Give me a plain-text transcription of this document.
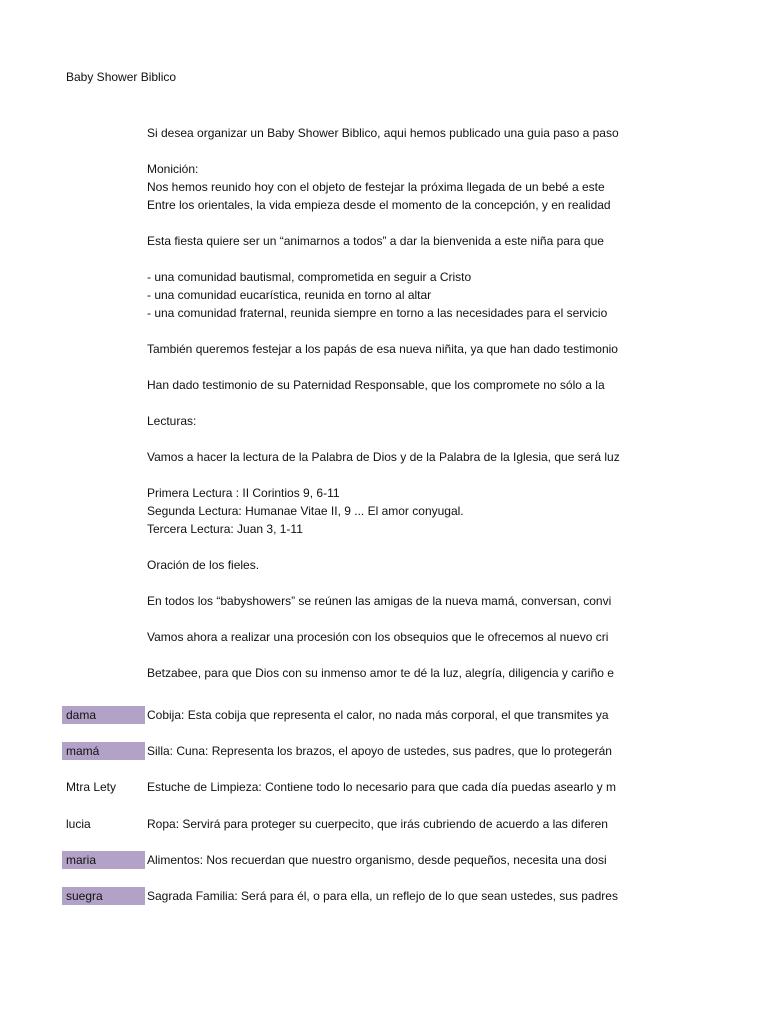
Baby Shower Biblico
Si desea organizar un Baby Shower Biblico, aqui hemos publicado una guia paso a paso
Monición:
Nos hemos reunido hoy con el objeto de festejar la próxima llegada de un bebé a este
Entre los orientales, la vida empieza desde el momento de la concepción, y en realidad
Esta fiesta quiere ser un “animarnos a todos” a dar la bienvenida a este niña para que
- una comunidad bautismal, comprometida en seguir a Cristo
- una comunidad eucarística, reunida en torno al altar
- una comunidad fraternal, reunida siempre en torno a las necesidades para el servicio
También queremos festejar a los papás de esa nueva niñita, ya que han dado testimonio
Han dado testimonio de su Paternidad Responsable, que los compromete no sólo a la
Lecturas:
Vamos a hacer la lectura de la Palabra de Dios y de la Palabra de la Iglesia, que será luz
Primera Lectura : II Corintios 9, 6-11
Segunda Lectura: Humanae Vitae II, 9 ... El amor conyugal.
Tercera Lectura: Juan 3, 1-11
Oración de los fieles.
En todos los “babyshowers” se reúnen las amigas de la nueva mamá, conversan, convi
Vamos ahora a realizar una procesión con los obsequios que le ofrecemos al nuevo cri
Betzabee, para que Dios con su inmenso amor te dé la luz, alegría, diligencia y cariño e
dama	Cobija: Esta cobija que representa el calor, no nada más corporal, el que transmites ya
mamá	Silla: Cuna: Representa los brazos, el apoyo de ustedes, sus padres, que lo protegerán
Mtra Lety	Estuche de Limpieza: Contiene todo lo necesario para que cada día puedas asearlo y m
lucia	Ropa: Servirá para proteger su cuerpecito, que irás cubriendo de acuerdo a las diferen
maria	Alimentos: Nos recuerdan que nuestro organismo, desde pequeños, necesita una dosi
suegra	Sagrada Familia: Será para él, o para ella, un reflejo de lo que sean ustedes, sus padres
